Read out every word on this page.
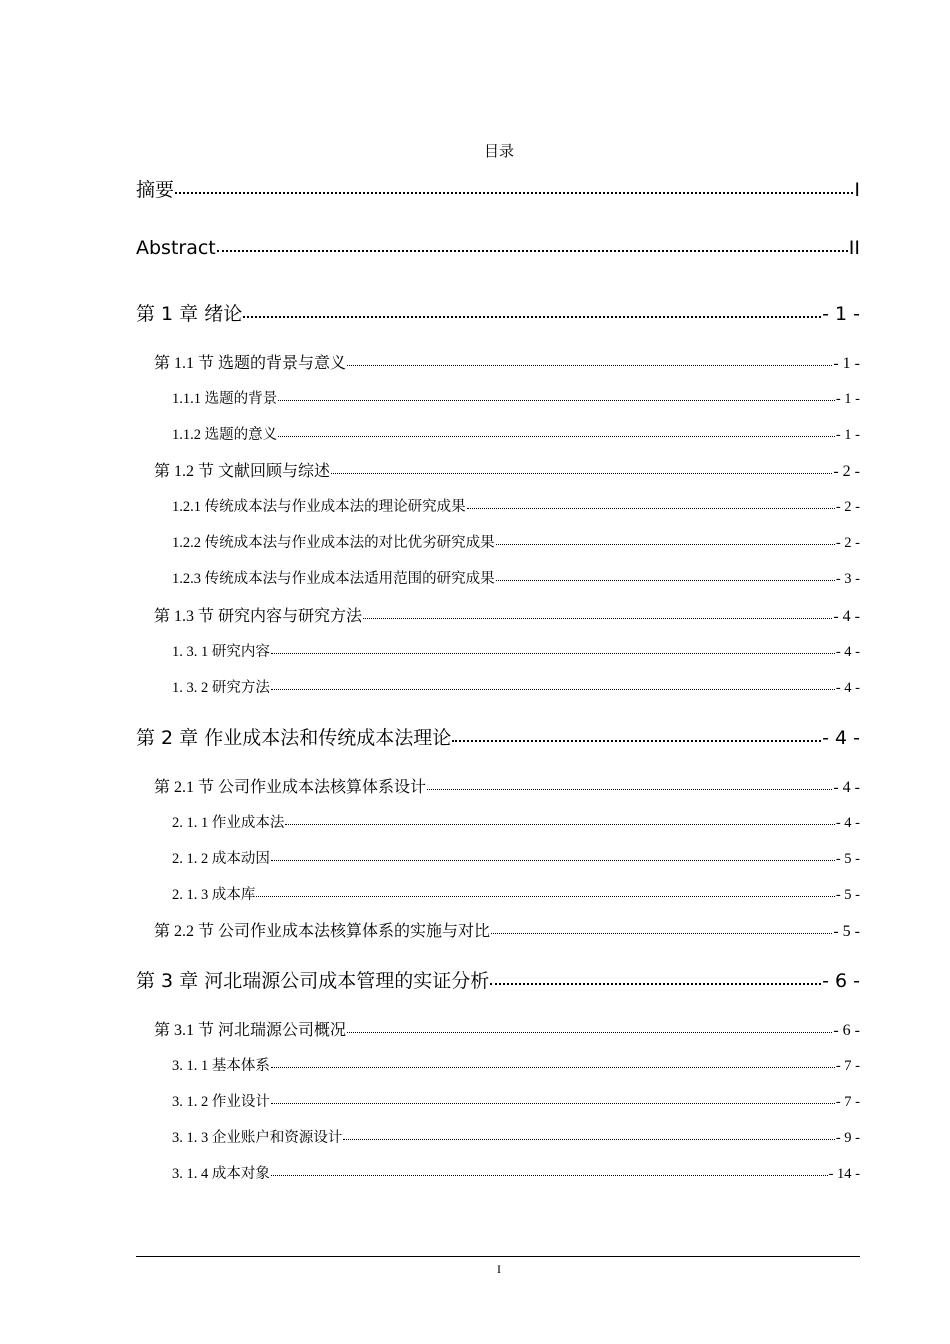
目录
摘要	I
Abstract	II
第 1 章 绪论	- 1 -
第 1.1 节 选题的背景与意义	- 1 -
1.1.1 选题的背景	- 1 -
1.1.2 选题的意义	- 1 -
第 1.2 节 文献回顾与综述	- 2 -
1.2.1 传统成本法与作业成本法的理论研究成果	- 2 -
1.2.2 传统成本法与作业成本法的对比优劣研究成果	- 2 -
1.2.3 传统成本法与作业成本法适用范围的研究成果	- 3 -
第 1.3 节 研究内容与研究方法	- 4 -
1. 3. 1 研究内容	- 4 -
1. 3. 2 研究方法	- 4 -
第 2 章 作业成本法和传统成本法理论	- 4 -
第 2.1 节 公司作业成本法核算体系设计	- 4 -
2. 1. 1 作业成本法	- 4 -
2. 1. 2 成本动因	- 5 -
2. 1. 3 成本库	- 5 -
第 2.2 节 公司作业成本法核算体系的实施与对比	- 5 -
第 3 章 河北瑞源公司成本管理的实证分析	- 6 -
第 3.1 节 河北瑞源公司概况	- 6 -
3. 1. 1 基本体系	- 7 -
3. 1. 2 作业设计	- 7 -
3. 1. 3 企业账户和资源设计	- 9 -
3. 1. 4 成本对象	- 14 -
I
